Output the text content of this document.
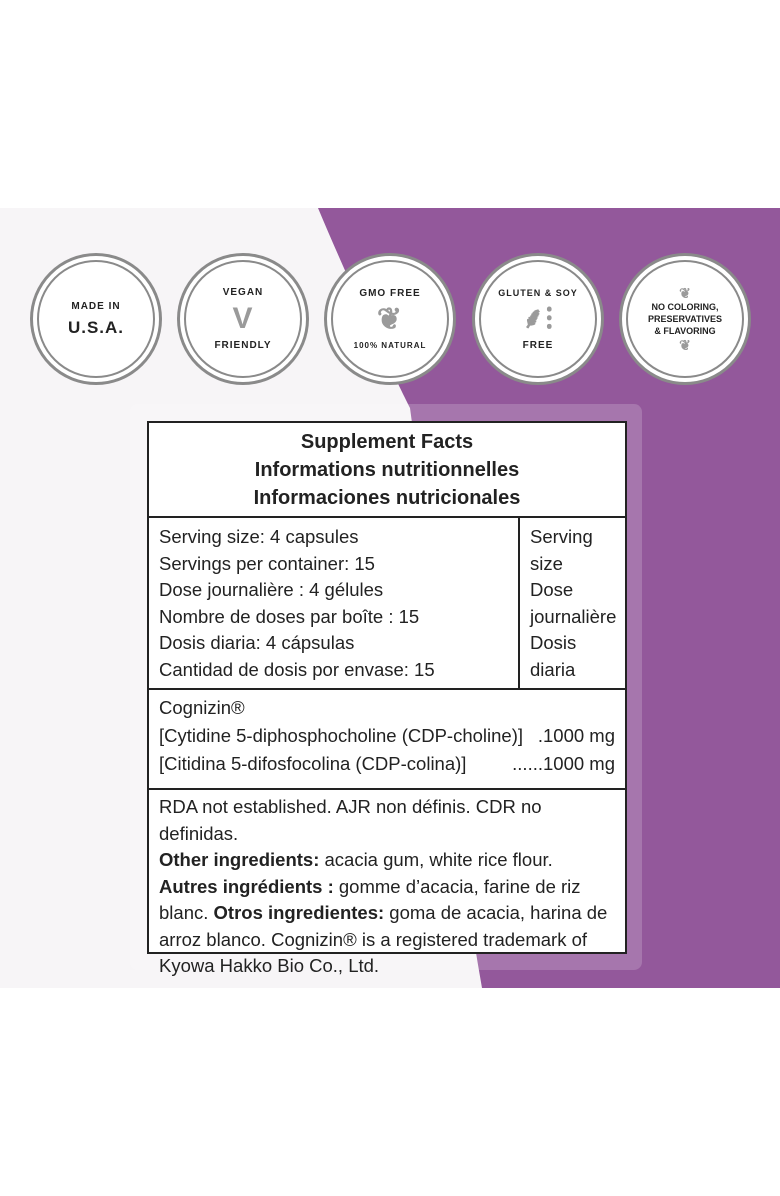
MADE IN
U.S.A.
VEGAN
V
FRIENDLY
GMO FREE
❦
100% NATURAL
GLUTEN & SOY
⸙⁝
FREE
❦
NO COLORING,
PRESERVATIVES
& FLAVORING
❦
Supplement Facts
Informations nutritionnelles
Informaciones nutricionales
Serving size: 4 capsules
Servings per container: 15
Dose journalière : 4 gélules
Nombre de doses par boîte : 15
Dosis diaria: 4 cápsulas
Cantidad de dosis por envase: 15
Serving
size
Dose
journalière
Dosis
diaria
Cognizin®
[Cytidine 5-diphosphocholine (CDP-choline)] .1000 mg
[Citidina 5-difosfocolina (CDP-colina)] ......1000 mg
RDA not established. AJR non définis. CDR no definidas.
Other ingredients: acacia gum, white rice flour.
Autres ingrédients : gomme d’acacia, farine de riz blanc. Otros ingredientes: goma de acacia, harina de arroz blanco. Cognizin® is a registered trademark of Kyowa Hakko Bio Co., Ltd.
